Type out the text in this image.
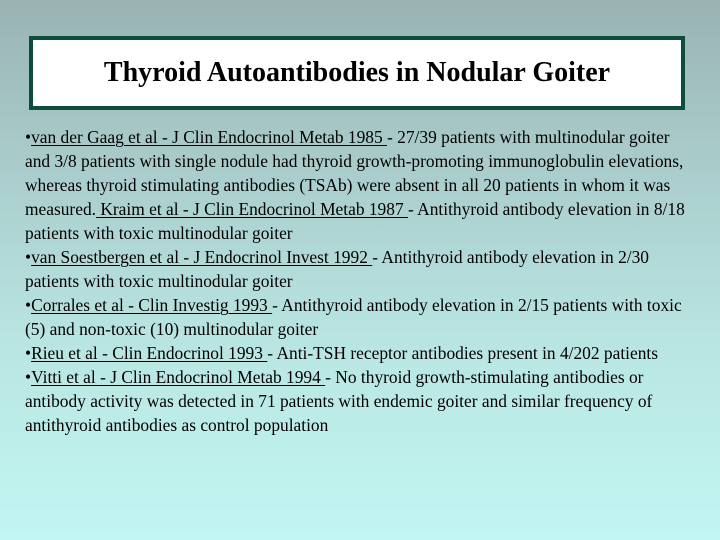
Thyroid Autoantibodies in Nodular Goiter

•van der Gaag et al - J Clin Endocrinol Metab 1985 - 27/39 patients with multinodular goiter and 3/8 patients with single nodule had thyroid growth-promoting immunoglobulin elevations, whereas thyroid stimulating antibodies (TSAb) were absent in all 20 patients in whom it was measured. Kraim et al - J Clin Endocrinol Metab 1987 - Antithyroid antibody elevation in 8/18 patients with toxic multinodular goiter

•van Soestbergen et al - J Endocrinol Invest 1992 - Antithyroid antibody elevation in 2/30 patients with toxic multinodular goiter

•Corrales et al - Clin Investig 1993 - Antithyroid antibody elevation in 2/15 patients with toxic (5) and non-toxic (10) multinodular goiter

•Rieu et al - Clin Endocrinol 1993 - Anti-TSH receptor antibodies present in 4/202 patients

•Vitti et al - J Clin Endocrinol Metab 1994 - No thyroid growth-stimulating antibodies or antibody activity was detected in 71 patients with endemic goiter and similar frequency of antithyroid antibodies as control population
